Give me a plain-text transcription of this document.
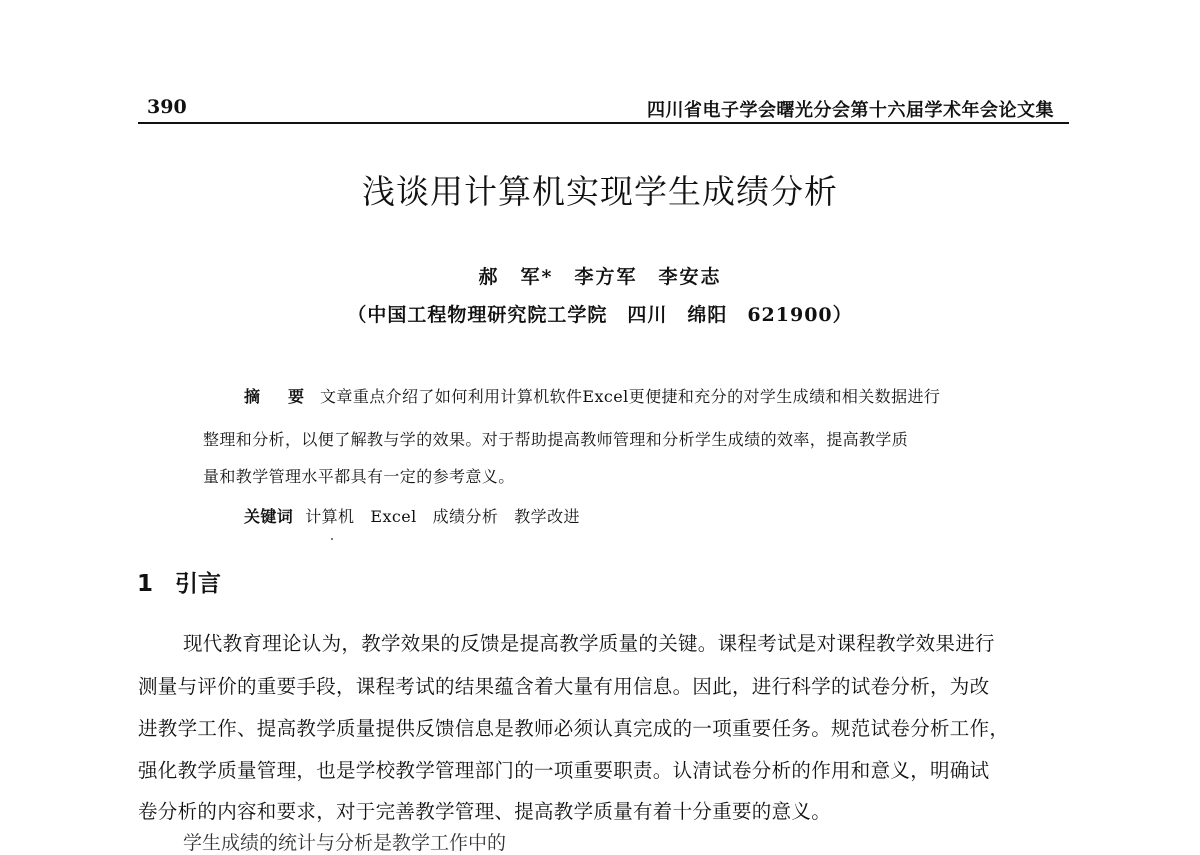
390	四川省电子学会曙光分会第十六届学术年会论文集
浅谈用计算机实现学生成绩分析
郝　军*　李方军　李安志
（中国工程物理研究院工学院　四川　绵阳　621900）
摘　要 文章重点介绍了如何利用计算机软件Excel更便捷和充分的对学生成绩和相关数据进行
整理和分析，以便了解教与学的效果。对于帮助提高教师管理和分析学生成绩的效率，提高教学质
量和教学管理水平都具有一定的参考意义。
关键词 计算机 Excel 成绩分析 教学改进
1 引言
现代教育理论认为，教学效果的反馈是提高教学质量的关键。课程考试是对课程教学效果进行
测量与评价的重要手段，课程考试的结果蕴含着大量有用信息。因此，进行科学的试卷分析，为改
进教学工作、提高教学质量提供反馈信息是教师必须认真完成的一项重要任务。规范试卷分析工作，
强化教学质量管理，也是学校教学管理部门的一项重要职责。认清试卷分析的作用和意义，明确试
卷分析的内容和要求，对于完善教学管理、提高教学质量有着十分重要的意义。
学生成绩的统计与分析是教学工作中的
